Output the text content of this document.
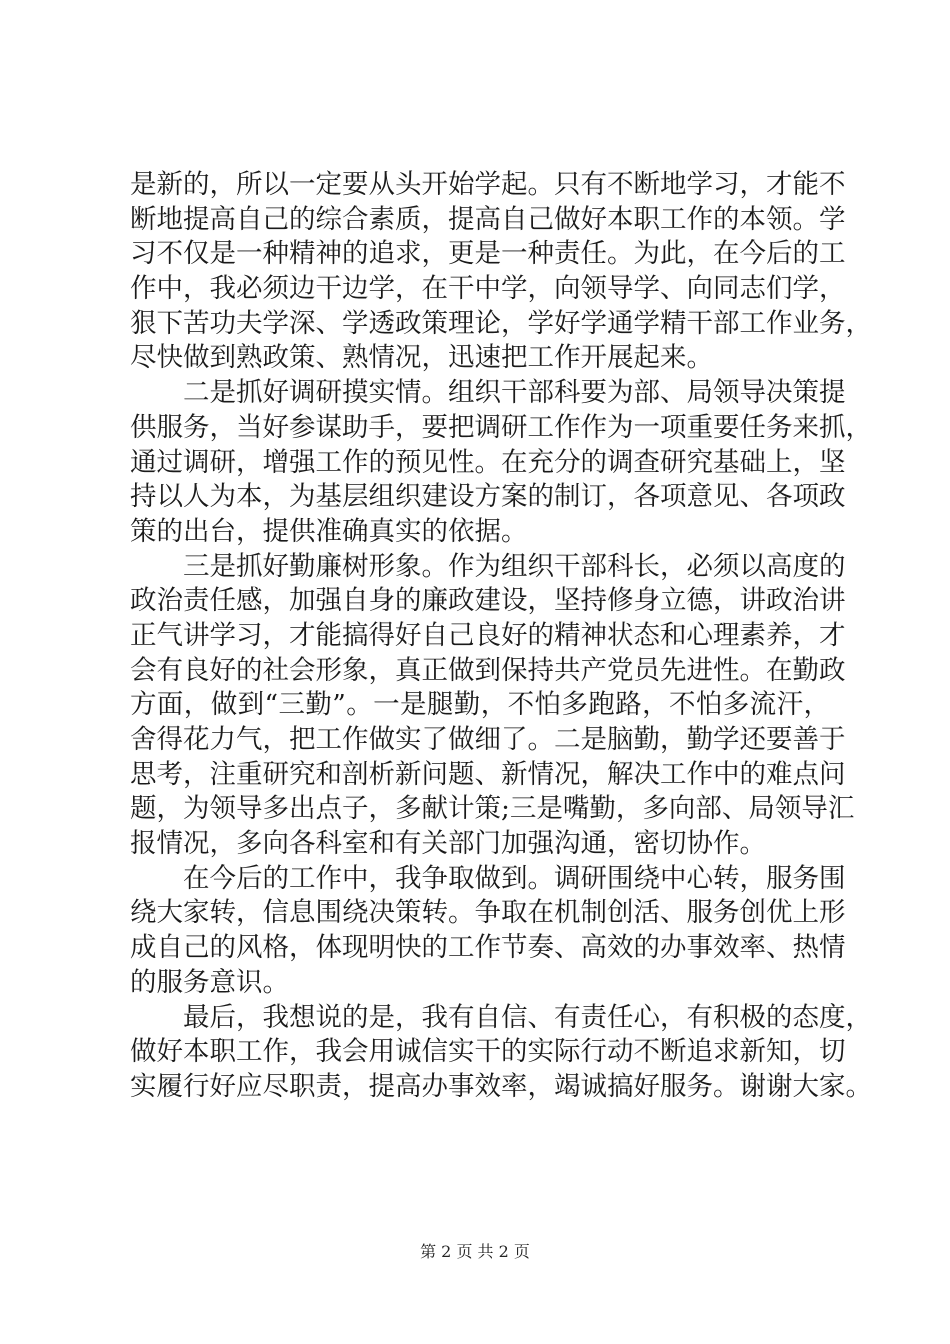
是新的，所以一定要从头开始学起。只有不断地学习，才能不
断地提高自己的综合素质，提高自己做好本职工作的本领。学
习不仅是一种精神的追求，更是一种责任。为此，在今后的工
作中，我必须边干边学，在干中学，向领导学、向同志们学，
狠下苦功夫学深、学透政策理论，学好学通学精干部工作业务，
尽快做到熟政策、熟情况，迅速把工作开展起来。
　　二是抓好调研摸实情。组织干部科要为部、局领导决策提
供服务，当好参谋助手，要把调研工作作为一项重要任务来抓，
通过调研，增强工作的预见性。在充分的调查研究基础上，坚
持以人为本，为基层组织建设方案的制订，各项意见、各项政
策的出台，提供准确真实的依据。
　　三是抓好勤廉树形象。作为组织干部科长，必须以高度的
政治责任感，加强自身的廉政建设，坚持修身立德，讲政治讲
正气讲学习，才能搞得好自己良好的精神状态和心理素养，才
会有良好的社会形象，真正做到保持共产党员先进性。在勤政
方面，做到“三勤”。一是腿勤，不怕多跑路，不怕多流汗，
舍得花力气，把工作做实了做细了。二是脑勤，勤学还要善于
思考，注重研究和剖析新问题、新情况，解决工作中的难点问
题，为领导多出点子，多献计策;三是嘴勤，多向部、局领导汇
报情况，多向各科室和有关部门加强沟通，密切协作。
　　在今后的工作中，我争取做到。调研围绕中心转，服务围
绕大家转，信息围绕决策转。争取在机制创活、服务创优上形
成自己的风格，体现明快的工作节奏、高效的办事效率、热情
的服务意识。
　　最后，我想说的是，我有自信、有责任心，有积极的态度，
做好本职工作，我会用诚信实干的实际行动不断追求新知，切
实履行好应尽职责，提高办事效率，竭诚搞好服务。谢谢大家。
第 2 页 共 2 页
